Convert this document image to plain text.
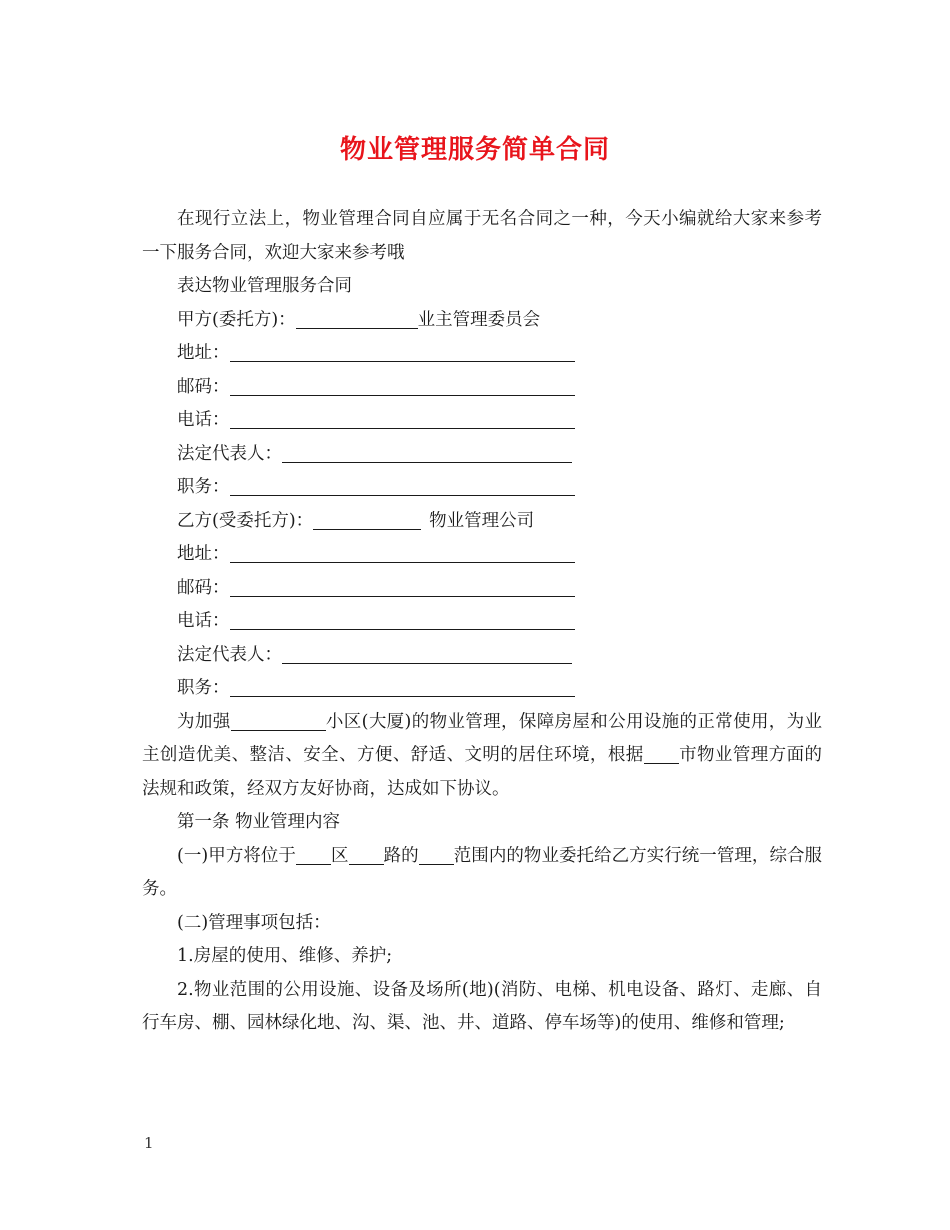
物业管理服务简单合同

在现行立法上，物业管理合同自应属于无名合同之一种，今天小编就给大家来参考一下服务合同，欢迎大家来参考哦

表达物业管理服务合同

甲方(委托方)：	业主管理委员会

地址：

邮码：

电话：

法定代表人：

职务：

乙方(受委托方)：	物业管理公司

地址：

邮码：

电话：

法定代表人：

职务：

为加强	小区(大厦)的物业管理，保障房屋和公用设施的正常使用，为业主创造优美、整洁、安全、方便、舒适、文明的居住环境，根据 市物业管理方面的法规和政策，经双方友好协商，达成如下协议。

第一条 物业管理内容

(一)甲方将位于 区 路的 范围内的物业委托给乙方实行统一管理，综合服务。

(二)管理事项包括：

1.房屋的使用、维修、养护;

2.物业范围的公用设施、设备及场所(地)(消防、电梯、机电设备、路灯、走廊、自行车房、棚、园林绿化地、沟、渠、池、井、道路、停车场等)的使用、维修和管理;

1
